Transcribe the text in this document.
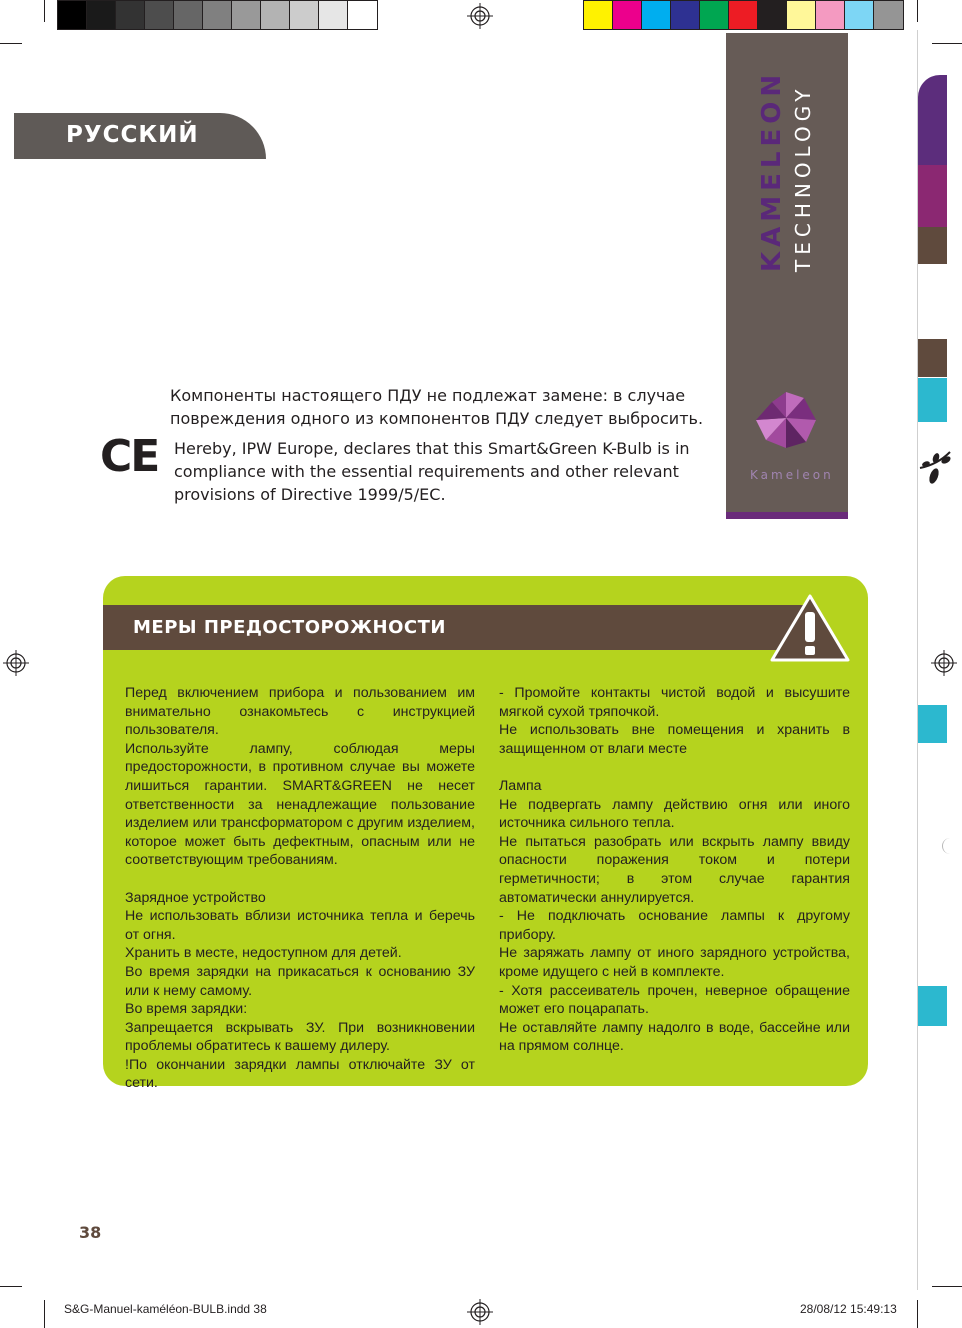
РУССКИЙ	KAMELEON TECHNOLOGY
Kameleon
Компоненты настоящего ПДУ не подлежат замене: в случае
повреждения одного из компонентов ПДУ следует выбросить.
CE Hereby, IPW Europe, declares that this Smart&Green K-Bulb is in
compliance with the essential requirements and other relevant
provisions of Directive 1999/5/EC.
МЕРЫ ПРЕДОСТОРОЖНОСТИ

Перед включением прибора и пользованием им внимательно ознакомьтесь с инструкцией пользователя.

Используйте лампу, соблюдая меры предосторожности, в противном случае вы можете лишиться гарантии. SMART&GREEN не несет ответственности за ненадлежащие пользование изделием или трансформатором с другим изделием, которое может быть дефектным, опасным или не соответствующим требованиям.

Зарядное устройство

Не использовать вблизи источника тепла и беречь от огня.

Хранить в месте, недоступном для детей.

Во время зарядки на прикасаться к основанию ЗУ или к нему самому.

Во время зарядки:

Запрещается вскрывать ЗУ. При возникновении проблемы обратитесь к вашему дилеру.

!По окончании зарядки лампы отключайте ЗУ от сети.

- Промойте контакты чистой водой и высушите мягкой сухой тряпочкой.

Не использовать вне помещения и хранить в защищенном от влаги месте

Лампа

Не подвергать лампу действию огня или иного источника сильного тепла.

Не пытаться разобрать или вскрыть лампу ввиду опасности поражения током и потери герметичности; в этом случае гарантия автоматически аннулируется.

- Не подключать основание лампы к другому прибору.

Не заряжать лампу от иного зарядного устройства, кроме идущего с ней в комплекте.

- Хотя рассеиватель прочен, неверное обращение может его поцарапать.

Не оставляйте лампу надолго в воде, бассейне или на прямом солнце.

38
S&G-Manuel-kaméléon-BULB.indd 38	28/08/12 15:49:13
